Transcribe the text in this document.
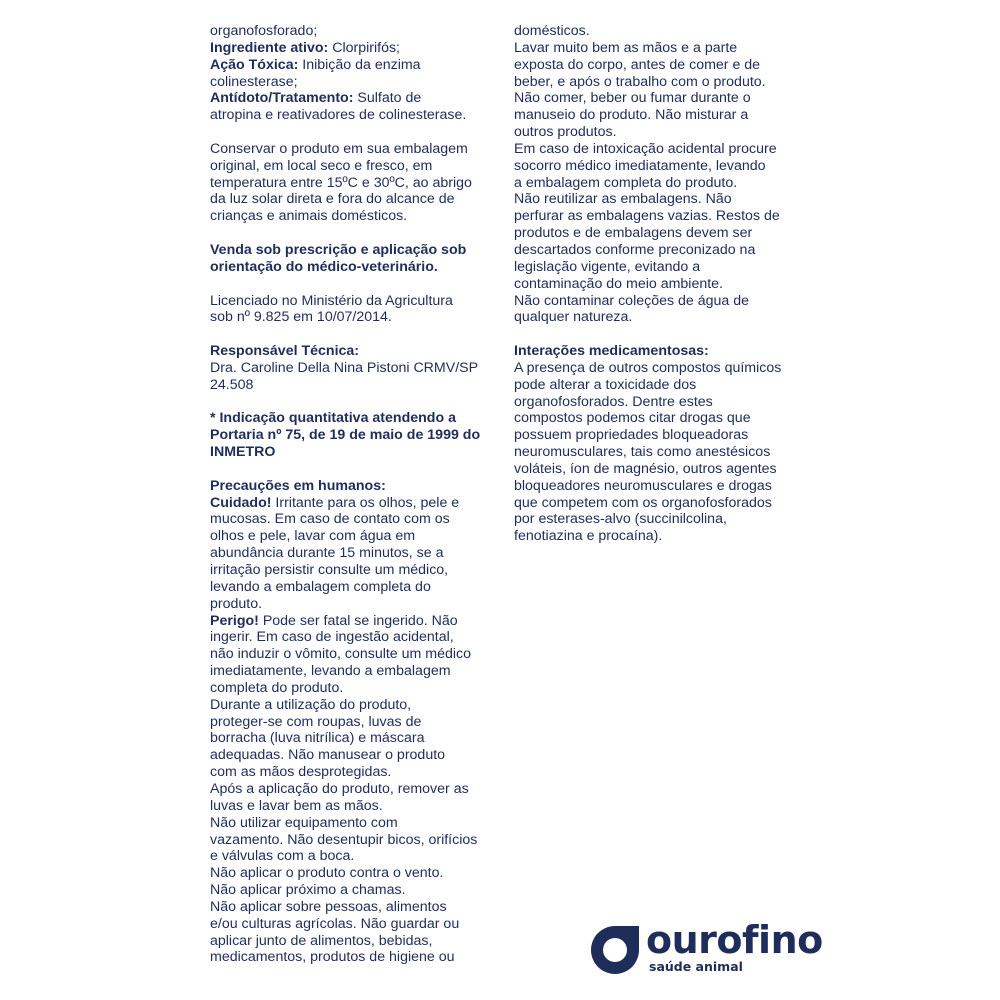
organofosforado;
Ingrediente ativo: Clorpirifós;
Ação Tóxica: Inibição da enzima
colinesterase;
Antídoto/Tratamento: Sulfato de
atropina e reativadores de colinesterase.
Conservar o produto em sua embalagem
original, em local seco e fresco, em
temperatura entre 15ºC e 30ºC, ao abrigo
da luz solar direta e fora do alcance de
crianças e animais domésticos.
Venda sob prescrição e aplicação sob
orientação do médico-veterinário.
Licenciado no Ministério da Agricultura
sob nº 9.825 em 10/07/2014.
Responsável Técnica:
Dra. Caroline Della Nina Pistoni CRMV/SP
24.508
* Indicação quantitativa atendendo a
Portaria nº 75, de 19 de maio de 1999 do
INMETRO
Precauções em humanos:
Cuidado! Irritante para os olhos, pele e
mucosas. Em caso de contato com os
olhos e pele, lavar com água em
abundância durante 15 minutos, se a
irritação persistir consulte um médico,
levando a embalagem completa do
produto.
Perigo! Pode ser fatal se ingerido. Não
ingerir. Em caso de ingestão acidental,
não induzir o vômito, consulte um médico
imediatamente, levando a embalagem
completa do produto.
Durante a utilização do produto,
proteger-se com roupas, luvas de
borracha (luva nitrílica) e máscara
adequadas. Não manusear o produto
com as mãos desprotegidas.
Após a aplicação do produto, remover as
luvas e lavar bem as mãos.
Não utilizar equipamento com
vazamento. Não desentupir bicos, orifícios
e válvulas com a boca.
Não aplicar o produto contra o vento.
Não aplicar próximo a chamas.
Não aplicar sobre pessoas, alimentos
e/ou culturas agrícolas. Não guardar ou
aplicar junto de alimentos, bebidas,
medicamentos, produtos de higiene ou
domésticos.
Lavar muito bem as mãos e a parte
exposta do corpo, antes de comer e de
beber, e após o trabalho com o produto.
Não comer, beber ou fumar durante o
manuseio do produto. Não misturar a
outros produtos.
Em caso de intoxicação acidental procure
socorro médico imediatamente, levando
a embalagem completa do produto.
Não reutilizar as embalagens. Não
perfurar as embalagens vazias. Restos de
produtos e de embalagens devem ser
descartados conforme preconizado na
legislação vigente, evitando a
contaminação do meio ambiente.
Não contaminar coleções de água de
qualquer natureza.
Interações medicamentosas:
A presença de outros compostos químicos
pode alterar a toxicidade dos
organofosforados. Dentre estes
compostos podemos citar drogas que
possuem propriedades bloqueadoras
neuromusculares, tais como anestésicos
voláteis, íon de magnésio, outros agentes
bloqueadores neuromusculares e drogas
que competem com os organofosforados
por esterases-alvo (succinilcolina,
fenotiazina e procaína).
ourofino
saúde animal
